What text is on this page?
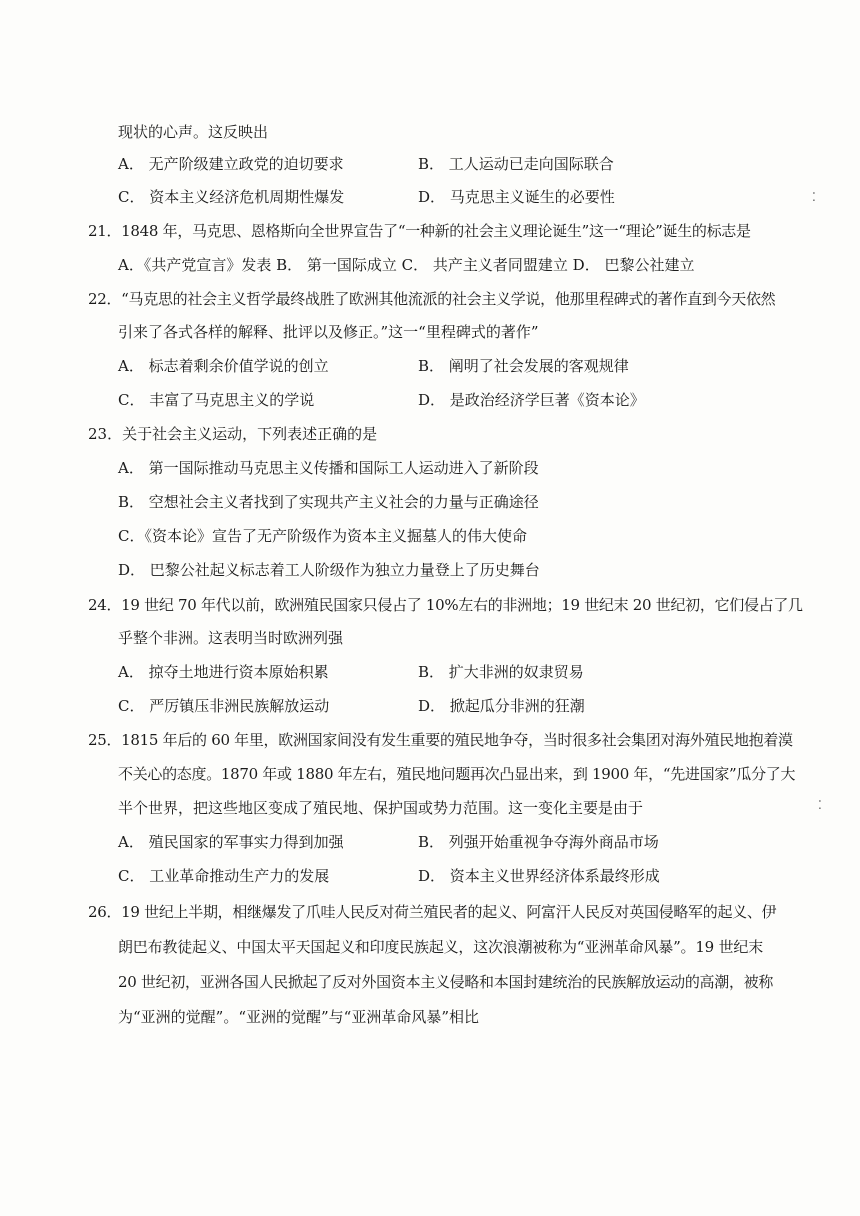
现状的心声。这反映出
A． 无产阶级建立政党的迫切要求	B． 工人运动已走向国际联合
C． 资本主义经济危机周期性爆发	D． 马克思主义诞生的必要性
21．1848 年，马克思、恩格斯向全世界宣告了“一种新的社会主义理论诞生”这一“理论”诞生的标志是
A．《共产党宣言》发表 B． 第一国际成立 C． 共产主义者同盟建立 D． 巴黎公社建立
22．“马克思的社会主义哲学最终战胜了欧洲其他流派的社会主义学说，他那里程碑式的著作直到今天依然
引来了各式各样的解释、批评以及修正。”这一“里程碑式的著作”
A． 标志着剩余价值学说的创立	B． 阐明了社会发展的客观规律
C． 丰富了马克思主义的学说	D． 是政治经济学巨著《资本论》
23．关于社会主义运动，下列表述正确的是
A． 第一国际推动马克思主义传播和国际工人运动进入了新阶段
B． 空想社会主义者找到了实现共产主义社会的力量与正确途径
C．《资本论》宣告了无产阶级作为资本主义掘墓人的伟大使命
D． 巴黎公社起义标志着工人阶级作为独立力量登上了历史舞台
24．19 世纪 70 年代以前，欧洲殖民国家只侵占了 10%左右的非洲地；19 世纪末 20 世纪初，它们侵占了几
乎整个非洲。这表明当时欧洲列强
A． 掠夺土地进行资本原始积累	B． 扩大非洲的奴隶贸易
C． 严厉镇压非洲民族解放运动	D． 掀起瓜分非洲的狂潮
25．1815 年后的 60 年里，欧洲国家间没有发生重要的殖民地争夺，当时很多社会集团对海外殖民地抱着漠
不关心的态度。1870 年或 1880 年左右，殖民地问题再次凸显出来，到 1900 年，“先进国家”瓜分了大
半个世界，把这些地区变成了殖民地、保护国或势力范围。这一变化主要是由于
A． 殖民国家的军事实力得到加强	B． 列强开始重视争夺海外商品市场
C． 工业革命推动生产力的发展	D． 资本主义世界经济体系最终形成
26．19 世纪上半期，相继爆发了爪哇人民反对荷兰殖民者的起义、阿富汗人民反对英国侵略军的起义、伊
朗巴布教徒起义、中国太平天国起义和印度民族起义，这次浪潮被称为“亚洲革命风暴”。19 世纪末
20 世纪初，亚洲各国人民掀起了反对外国资本主义侵略和本国封建统治的民族解放运动的高潮，被称
为“亚洲的觉醒”。“亚洲的觉醒”与“亚洲革命风暴”相比
⁚
⁚
